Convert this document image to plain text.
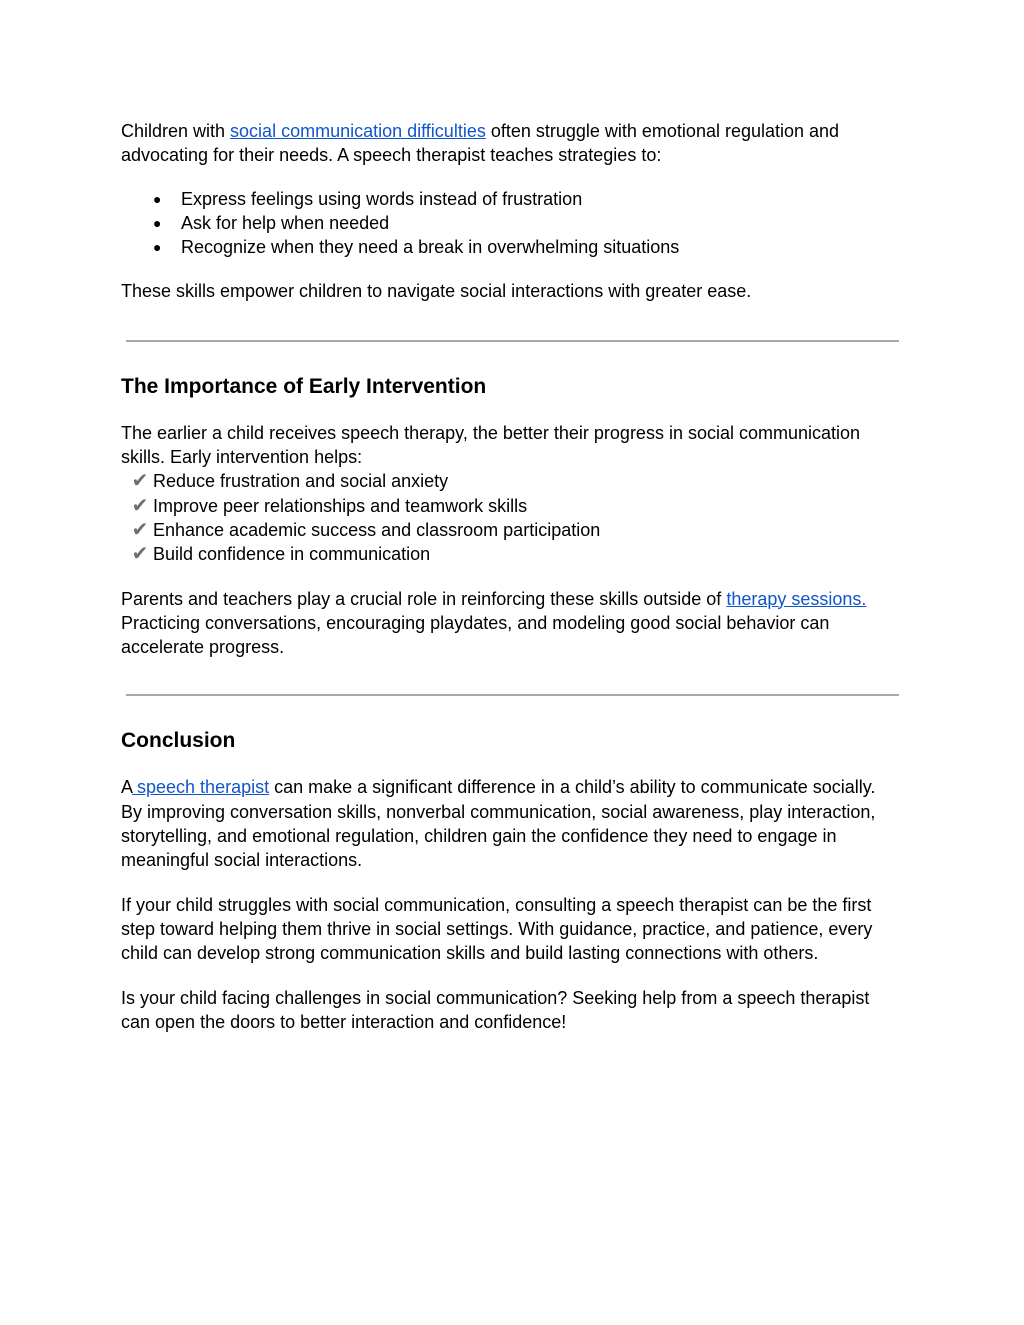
Children with social communication difficulties often struggle with emotional regulation and advocating for their needs. A speech therapist teaches strategies to:

● Express feelings using words instead of frustration
● Ask for help when needed
● Recognize when they need a break in overwhelming situations

These skills empower children to navigate social interactions with greater ease.

The Importance of Early Intervention

The earlier a child receives speech therapy, the better their progress in social communication skills. Early intervention helps:

✔ Reduce frustration and social anxiety
✔ Improve peer relationships and teamwork skills
✔ Enhance academic success and classroom participation
✔ Build confidence in communication

Parents and teachers play a crucial role in reinforcing these skills outside of therapy sessions. Practicing conversations, encouraging playdates, and modeling good social behavior can accelerate progress.

Conclusion

A speech therapist can make a significant difference in a child’s ability to communicate socially. By improving conversation skills, nonverbal communication, social awareness, play interaction, storytelling, and emotional regulation, children gain the confidence they need to engage in meaningful social interactions.

If your child struggles with social communication, consulting a speech therapist can be the first step toward helping them thrive in social settings. With guidance, practice, and patience, every child can develop strong communication skills and build lasting connections with others.

Is your child facing challenges in social communication? Seeking help from a speech therapist can open the doors to better interaction and confidence!
